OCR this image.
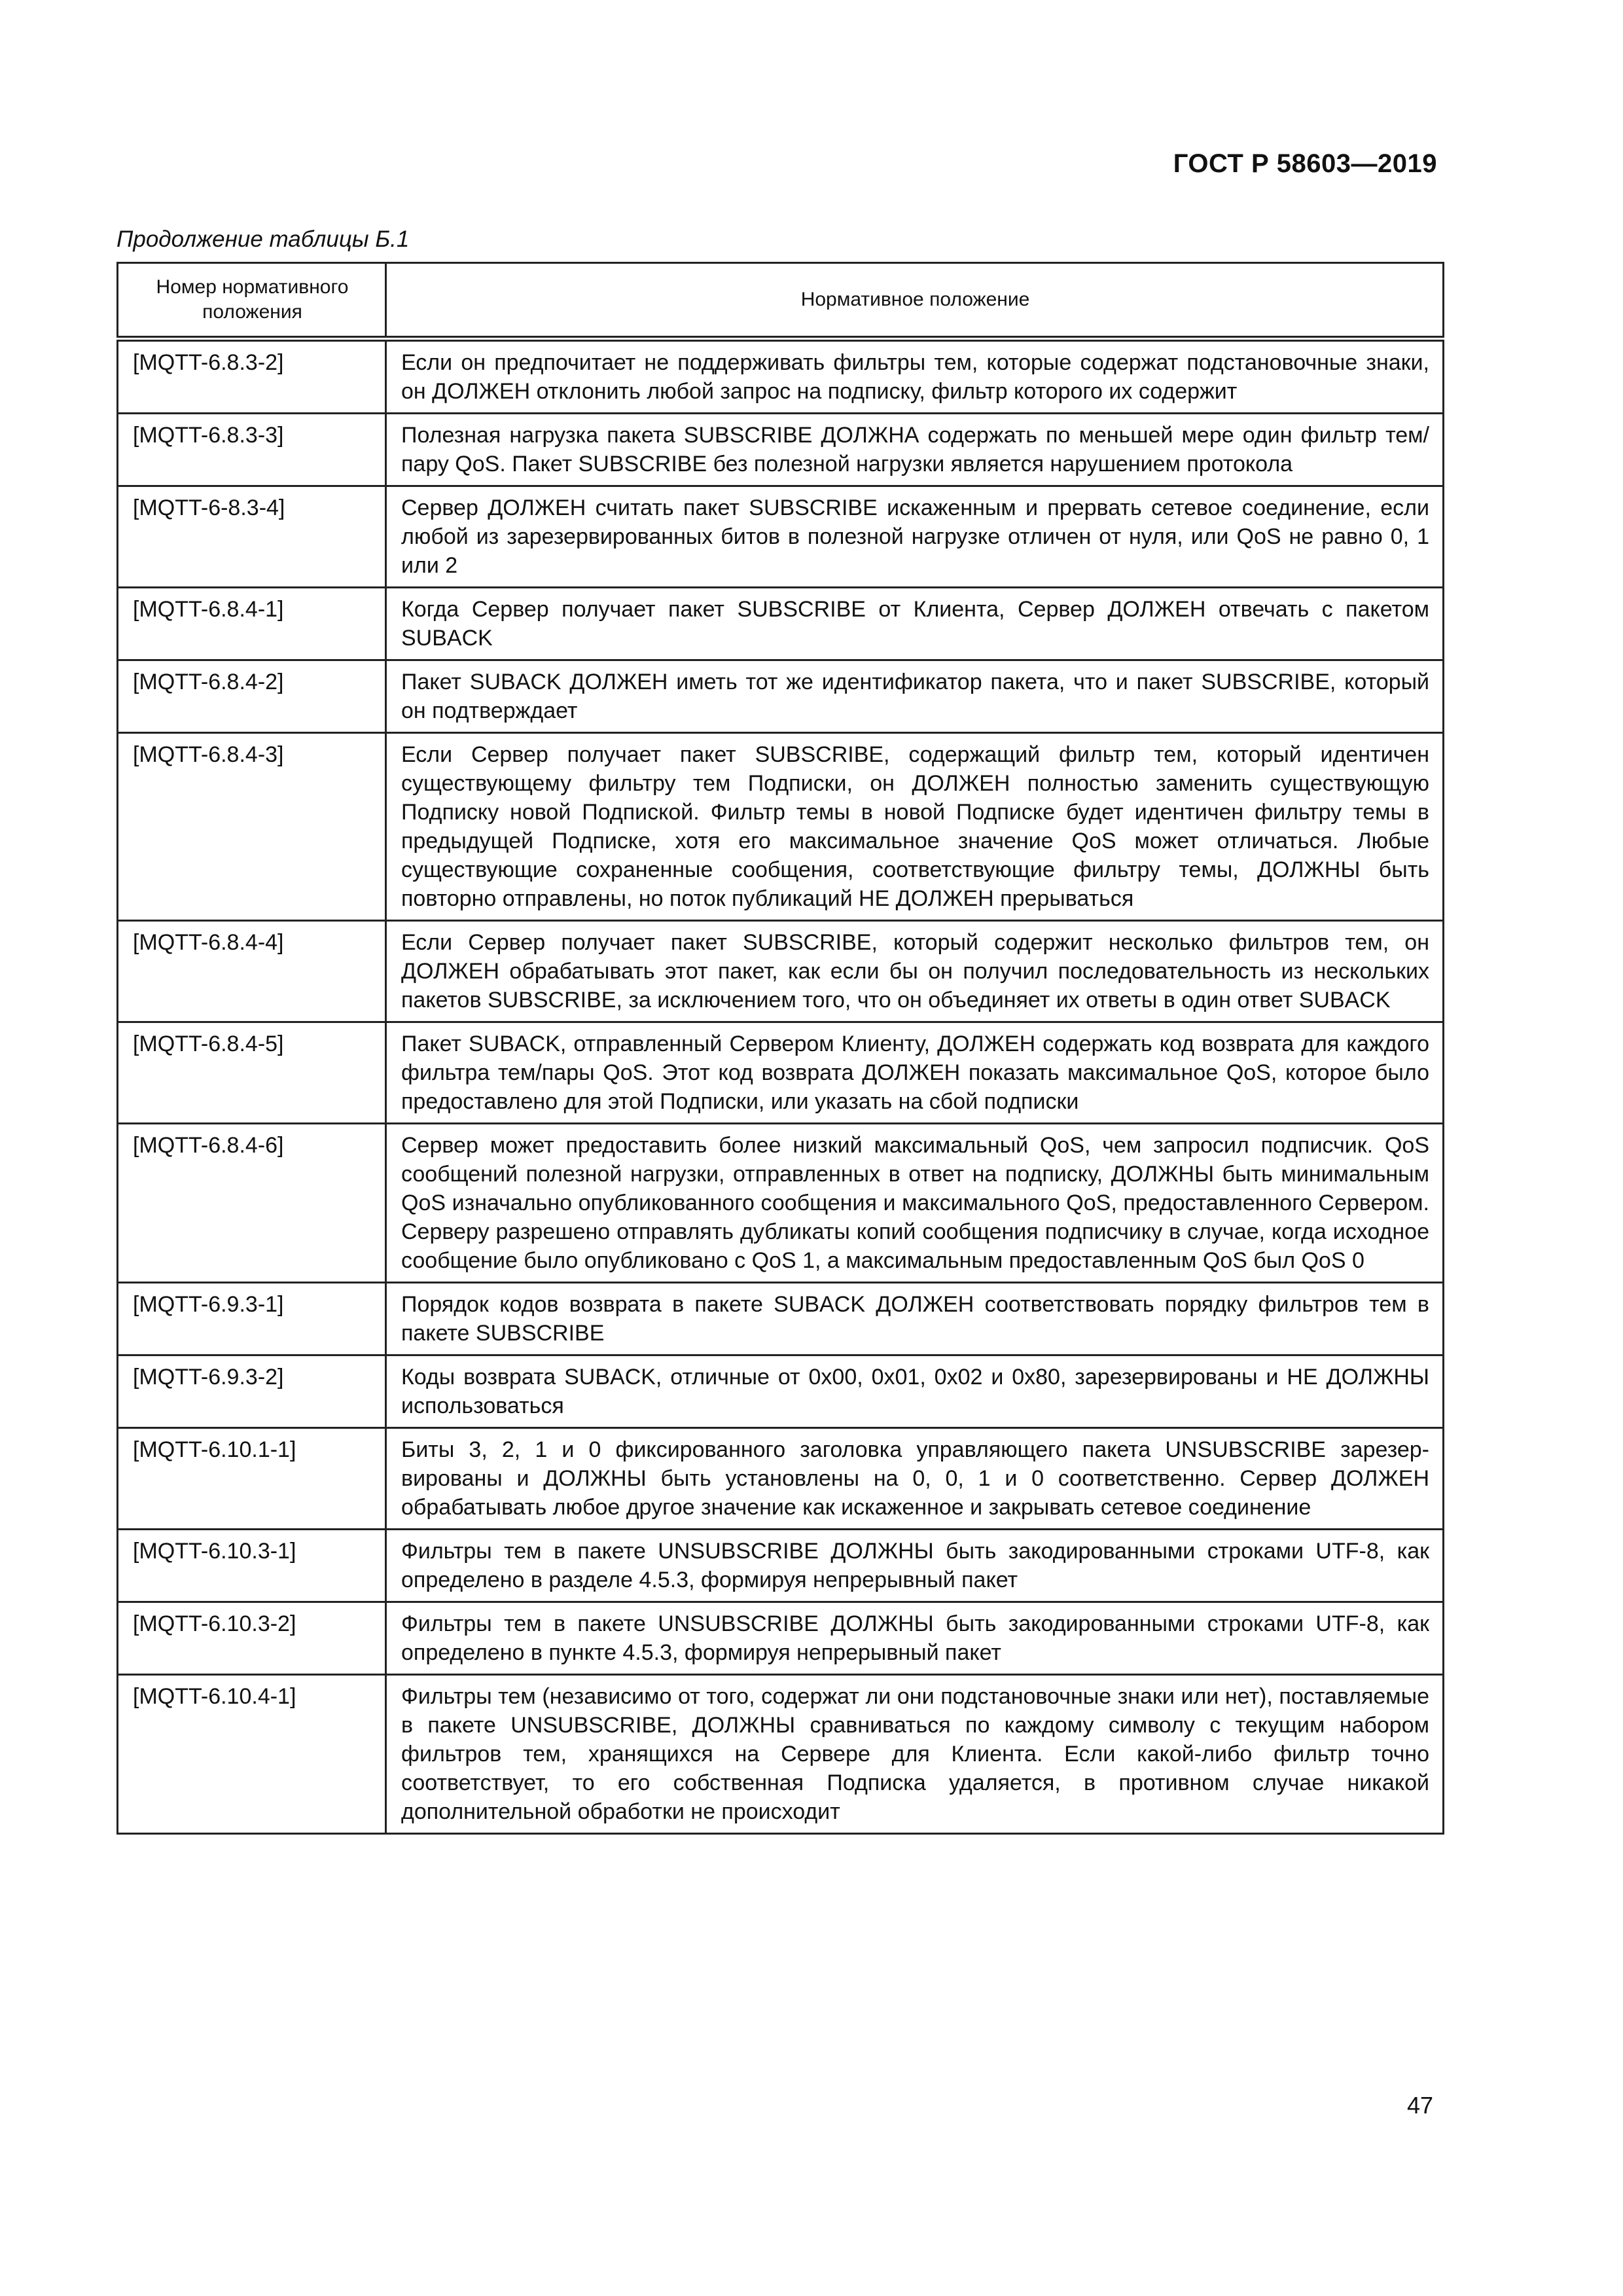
ГОСТ Р 58603—2019
Продолжение таблицы Б.1
Номер нормативного положения	Нормативное положение
[MQTT-6.8.3-2]	Если он предпочитает не поддерживать фильтры тем, которые содержат подстановочные знаки, он ДОЛЖЕН отклонить любой запрос на подписку, фильтр которого их содержит
[MQTT-6.8.3-3]	Полезная нагрузка пакета SUBSCRIBE ДОЛЖНА содержать по меньшей мере один фильтр тем/пару QoS. Пакет SUBSCRIBE без полезной нагрузки является нарушением протокола
[MQTT-6-8.3-4]	Сервер ДОЛЖЕН считать пакет SUBSCRIBE искаженным и прервать сетевое соединение, если любой из зарезервированных битов в полезной нагрузке отличен от нуля, или QoS не равно 0, 1 или 2
[MQTT-6.8.4-1]	Когда Сервер получает пакет SUBSCRIBE от Клиента, Сервер ДОЛЖЕН отвечать с пакетом SUBACK
[MQTT-6.8.4-2]	Пакет SUBACK ДОЛЖЕН иметь тот же идентификатор пакета, что и пакет SUBSCRIBE, который он подтверждает
[MQTT-6.8.4-3]	Если Сервер получает пакет SUBSCRIBE, содержащий фильтр тем, который идентичен существующему фильтру тем Подписки, он ДОЛЖЕН полностью заменить существующую Подписку новой Подпиской. Фильтр темы в новой Подписке будет идентичен фильтру темы в предыдущей Подписке, хотя его максимальное значение QoS может отличаться. Любые существующие сохраненные сообщения, соответствующие фильтру темы, ДОЛЖНЫ быть повторно отправлены, но поток публикаций НЕ ДОЛЖЕН прерываться
[MQTT-6.8.4-4]	Если Сервер получает пакет SUBSCRIBE, который содержит несколько фильтров тем, он ДОЛЖЕН обрабатывать этот пакет, как если бы он получил последовательность из нескольких пакетов SUBSCRIBE, за исключением того, что он объединяет их ответы в один ответ SUBACK
[MQTT-6.8.4-5]	Пакет SUBACK, отправленный Сервером Клиенту, ДОЛЖЕН содержать код возврата для каждого фильтра тем/пары QoS. Этот код возврата ДОЛЖЕН показать максимальное QoS, которое было предоставлено для этой Подписки, или указать на сбой подписки
[MQTT-6.8.4-6]	Сервер может предоставить более низкий максимальный QoS, чем запросил подписчик. QoS сообщений полезной нагрузки, отправленных в ответ на подписку, ДОЛЖНЫ быть минимальным QoS изначально опубликованного сообщения и максимального QoS, предоставленного Сервером. Серверу разрешено отправлять дубликаты копий сообщения подписчику в случае, когда исходное сообщение было опубликовано с QoS 1, а максимальным предоставленным QoS был QoS 0
[MQTT-6.9.3-1]	Порядок кодов возврата в пакете SUBACK ДОЛЖЕН соответствовать порядку фильтров тем в пакете SUBSCRIBE
[MQTT-6.9.3-2]	Коды возврата SUBACK, отличные от 0x00, 0x01, 0x02 и 0x80, зарезервированы и НЕ ДОЛЖНЫ использоваться
[MQTT-6.10.1-1]	Биты 3, 2, 1 и 0 фиксированного заголовка управляющего пакета UNSUBSCRIBE зарезервированы и ДОЛЖНЫ быть установлены на 0, 0, 1 и 0 соответственно. Сервер ДОЛЖЕН обрабатывать любое другое значение как искаженное и закрывать сетевое соединение
[MQTT-6.10.3-1]	Фильтры тем в пакете UNSUBSCRIBE ДОЛЖНЫ быть закодированными строками UTF-8, как определено в разделе 4.5.3, формируя непрерывный пакет
[MQTT-6.10.3-2]	Фильтры тем в пакете UNSUBSCRIBE ДОЛЖНЫ быть закодированными строками UTF-8, как определено в пункте 4.5.3, формируя непрерывный пакет
[MQTT-6.10.4-1]	Фильтры тем (независимо от того, содержат ли они подстановочные знаки или нет), поставляемые в пакете UNSUBSCRIBE, ДОЛЖНЫ сравниваться по каждому символу с текущим набором фильтров тем, хранящихся на Сервере для Клиента. Если какой-либо фильтр точно соответствует, то его собственная Подписка удаляется, в противном случае никакой дополнительной обработки не происходит
47
